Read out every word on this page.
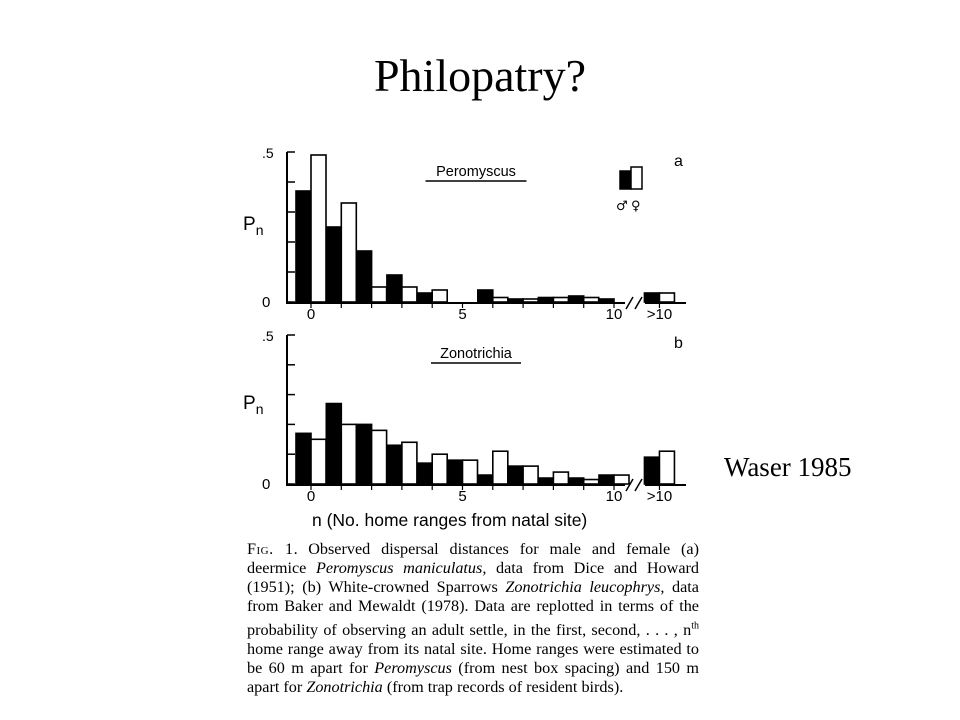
Philopatry?
.5
0
$P_n$
0	5	10 >10
Peromyscus
a
♂ ♀
.5
0
$P_n$
0	5	10 >10
Zonotrichia
b
n (No. home ranges from natal site)
Waser 1985
Fig. 1. Observed dispersal distances for male and female (a) deermice Peromyscus maniculatus, data from Dice and Howard (1951); (b) White-crowned Sparrows Zonotrichia leucophrys, data from Baker and Mewaldt (1978). Data are replotted in terms of the probability of observing an adult settle, in the first, second, . . . , $n^{th}$ home range away from its natal site. Home ranges were estimated to be 60 m apart for Peromyscus (from nest box spacing) and 150 m apart for Zonotrichia (from trap records of resident birds).
